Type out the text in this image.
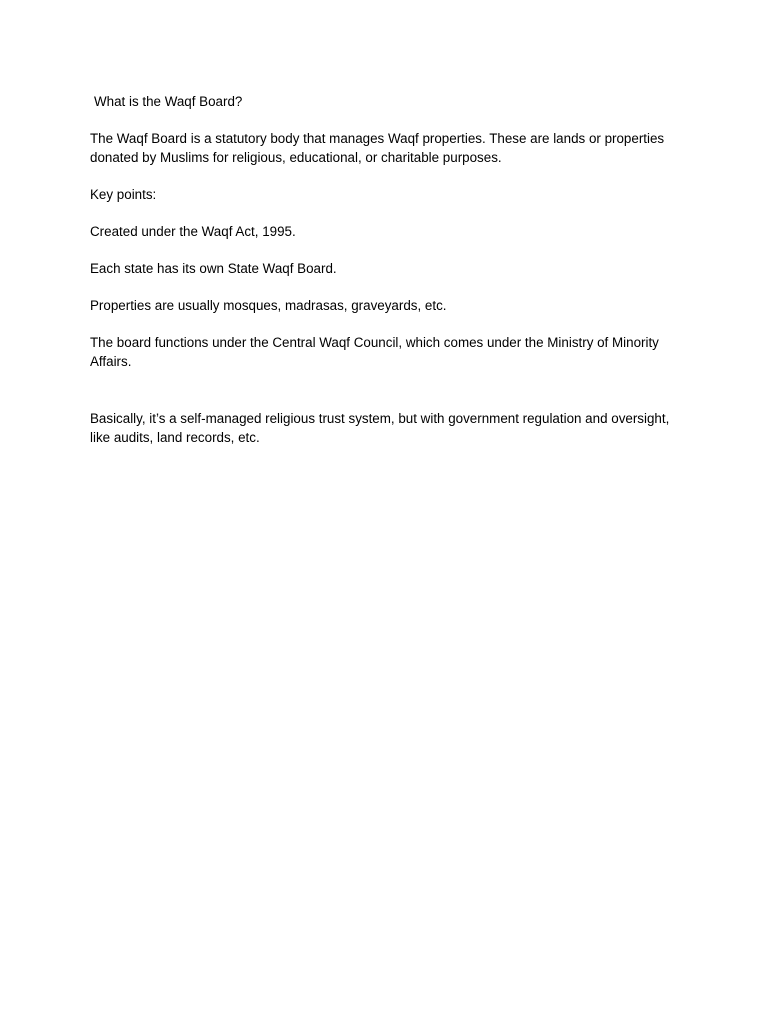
What is the Waqf Board?

The Waqf Board is a statutory body that manages Waqf properties. These are lands or properties donated by Muslims for religious, educational, or charitable purposes.

Key points:

Created under the Waqf Act, 1995.

Each state has its own State Waqf Board.

Properties are usually mosques, madrasas, graveyards, etc.

The board functions under the Central Waqf Council, which comes under the Ministry of Minority Affairs.

Basically, it’s a self-managed religious trust system, but with government regulation and oversight, like audits, land records, etc.
